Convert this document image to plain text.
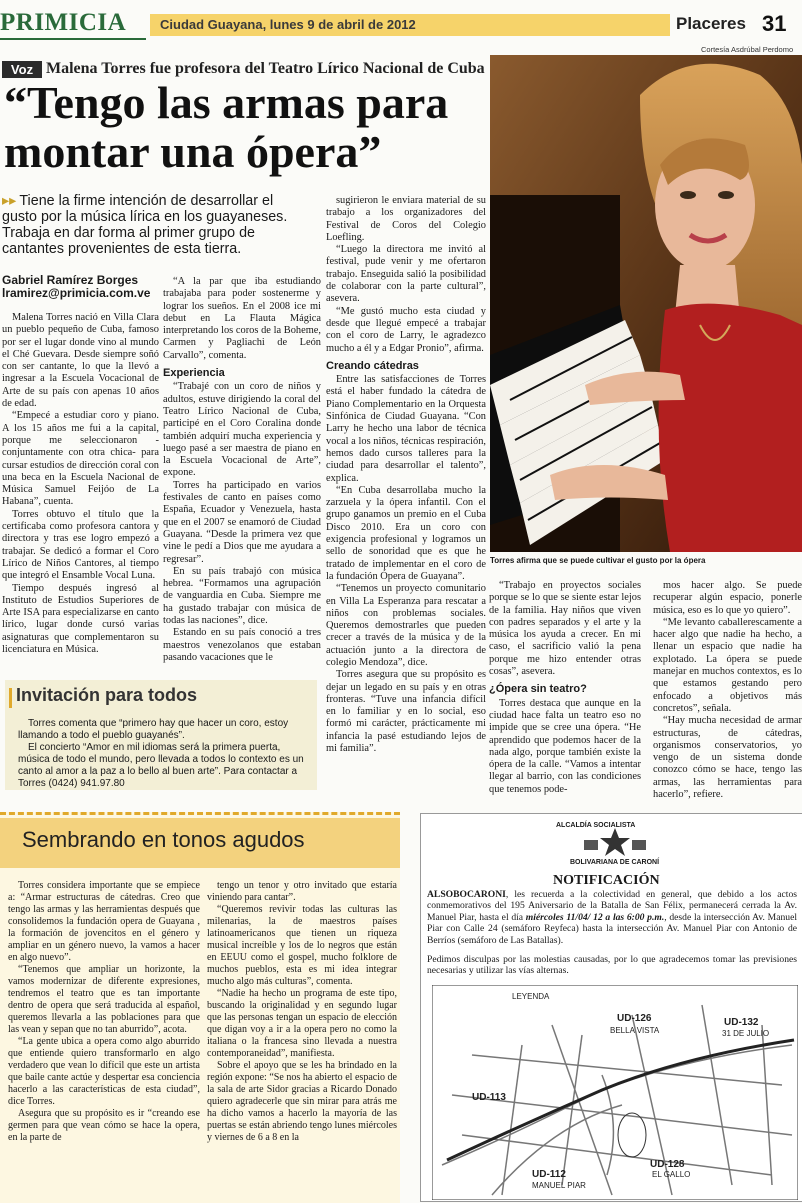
PRIMICIA	Ciudad Guayana, lunes 9 de abril de 2012	Placeres 31
Cortesía Asdrúbal Perdomo
Voz Malena Torres fue profesora del Teatro Lírico Nacional de Cuba
“Tengo las armas para montar una ópera”
▸▸ Tiene la firme intención de desarrollar el gusto por la música lírica en los guayaneses. Trabaja en dar forma al primer grupo de cantantes provenientes de esta tierra.
Gabriel Ramírez Borges
lramirez@primicia.com.ve

Malena Torres nació en Villa Clara un pueblo pequeño de Cuba, famoso por ser el lugar donde vino al mundo el Ché Guevara. Desde siempre soñó con ser cantante, lo que la llevó a ingresar a la Escuela Vocacional de Arte de su país con apenas 10 años de edad.

“Empecé a estudiar coro y piano. A los 15 años me fui a la capital, porque me seleccionaron -conjuntamente con otra chica- para cursar estudios de dirección coral con una beca en la Escuela Nacional de Música Samuel Feijóo de La Habana”, cuenta.

Torres obtuvo el título que la certificaba como profesora cantora y directora y tras ese logro empezó a trabajar. Se dedicó a formar el Coro Lírico de Niños Cantores, al tiempo que integró el Ensamble Vocal Luna.

Tiempo después ingresó al Instituto de Estudios Superiores de Arte ISA para especializarse en canto lírico, lugar donde cursó varias asignaturas que complementaron su licenciatura en Música.

“A la par que iba estudiando trabajaba para poder sostenerme y lograr los sueños. En el 2008 ice mi debut en La Flauta Mágica interpretando los coros de la Boheme, Carmen y Pagliachi de León Carvallo”, comenta.

Experiencia

“Trabajé con un coro de niños y adultos, estuve dirigiendo la coral del Teatro Lírico Nacional de Cuba, participé en el Coro Coralina donde también adquirí mucha experiencia y luego pasé a ser maestra de piano en la Escuela Vocacional de Arte”, expone.

Torres ha participado en varios festivales de canto en países como España, Ecuador y Venezuela, hasta que en el 2007 se enamoró de Ciudad Guayana. “Desde la primera vez que vine le pedí a Dios que me ayudara a regresar”.

En su país trabajó con música hebrea. “Formamos una agrupación de vanguardia en Cuba. Siempre me ha gustado trabajar con música de todas las naciones”, dice.

Estando en su país conoció a tres maestros venezolanos que estaban pasando vacaciones que le

sugirieron le enviara material de su trabajo a los organizadores del Festival de Coros del Colegio Loefling.

“Luego la directora me invitó al festival, pude venir y me ofertaron trabajo. Enseguida salió la posibilidad de colaborar con la parte cultural”, asevera.

“Me gustó mucho esta ciudad y desde que llegué empecé a trabajar con el coro de Larry, le agradezco mucho a él y a Edgar Pronio”, afirma.

Creando cátedras

Entre las satisfacciones de Torres está el haber fundado la cátedra de Piano Complementario en la Orquesta Sinfónica de Ciudad Guayana. “Con Larry he hecho una labor de técnica vocal a los niños, técnicas respiración, hemos dado cursos talleres para la ciudad para desarrollar el talento”, explica.

“En Cuba desarrollaba mucho la zarzuela y la ópera infantil. Con el grupo ganamos un premio en el Cuba Disco 2010. Era un coro con exigencia profesional y logramos un sello de sonoridad que es que he tratado de implementar en el coro de la fundación Ópera de Guayana”.

“Tenemos un proyecto comunitario en Villa La Esperanza para rescatar a niños con problemas sociales. Queremos demostrarles que pueden crecer a través de la música y de la actuación junto a la directora de colegio Mendoza”, dice.

Torres asegura que su propósito es dejar un legado en su país y en otras fronteras. “Tuve una infancia difícil en lo familiar y en lo social, eso formó mi carácter, prácticamente mi infancia la pasé estudiando lejos de mi familia”.

“Trabajo en proyectos sociales porque se lo que se siente estar lejos de la familia. Hay niños que viven con padres separados y el arte y la música los ayuda a crecer. En mi caso, el sacrificio valió la pena porque me hizo entender otras cosas”, asevera.

¿Ópera sin teatro?

Torres destaca que aunque en la ciudad hace falta un teatro eso no impide que se cree una ópera. “He aprendido que podemos hacer de la nada algo, porque también existe la ópera de la calle. “Vamos a intentar llegar al barrio, con las condiciones que tenemos pode-

mos hacer algo. Se puede recuperar algún espacio, ponerle música, eso es lo que yo quiero”.

“Me levanto caballerescamente a hacer algo que nadie ha hecho, a llenar un espacio que nadie ha explotado. La ópera se puede manejar en muchos contextos, es lo que estamos gestando pero enfocado a objetivos más concretos”, señala.

“Hay mucha necesidad de armar estructuras, de cátedras, organismos conservatorios, yo vengo de un sistema donde conozco cómo se hace, tengo las armas, las herramientas para hacerlo”, refiere.

Torres afirma que se puede cultivar el gusto por la ópera
Invitación para todos

Torres comenta que “primero hay que hacer un coro, estoy llamando a todo el pueblo guayanés”.

El concierto “Amor en mil idiomas será la primera puerta, música de todo el mundo, pero llevada a todos lo contexto es un canto al amor a la paz a lo bello al buen arte”. Para contactar a Torres (0424) 941.97.80

Sembrando en tonos agudos

Torres considera importante que se empiece a: “Armar estructuras de cátedras. Creo que tengo las armas y las herramientas después que consolidemos la fundación opera de Guayana , la formación de jovencitos en el género y ampliar en un género nuevo, la vamos a hacer en algo nuevo”.

“Tenemos que ampliar un horizonte, la vamos modernizar de diferente expresiones, tendremos el teatro que es tan importante dentro de opera que será traducida al español, queremos llevarla a las poblaciones para que las vean y sepan que no tan aburrido”, acota.

“La gente ubica a opera como algo aburrido que entiende quiero transformarlo en algo verdadero que vean lo difícil que este un artista que baile cante actúe y despertar esa conciencia hacerlo a las características de esta ciudad”, dice Torres.

Asegura que su propósito es ir “creando ese germen para que vean cómo se hace la opera, en la parte de

tengo un tenor y otro invitado que estaría viniendo para cantar”.

“Queremos revivir todas las culturas las milenarias, la de maestros países latinoamericanos que tienen un riqueza musical increíble y los de lo negros que están en EEUU como el gospel, mucho folklore de muchos pueblos, esta es mi idea integrar mucho algo más culturas”, comenta.

“Nadie ha hecho un programa de este tipo, buscando la originalidad y en segundo lugar que las personas tengan un espacio de elección que digan voy a ir a la opera pero no como la italiana o la francesa sino llevada a nuestra contemporaneidad”, manifiesta.

Sobre el apoyo que se les ha brindado en la región expone: “Se nos ha abierto el espacio de la sala de arte Sidor gracias a Ricardo Donado quiero agradecerle que sin mirar para atrás me ha dicho vamos a hacerlo la mayoría de las puertas se están abriendo tengo lunes miércoles y viernes de 6 a 8 en la

ALCALDÍA SOCIALISTA
BOLIVARIANA DE CARONÍ
NOTIFICACIÓN

ALSOBOCARONI, les recuerda a la colectividad en general, que debido a los actos conmemorativos del 195 Aniversario de la Batalla de San Félix, permanecerá cerrada la Av. Manuel Piar, hasta el día miércoles 11/04/ 12 a las 6:00 p.m., desde la intersección Av. Manuel Piar con Calle 24 (semáforo Reyfeca) hasta la intersección Av. Manuel Piar con Antonio de Berríos (semáforo de Las Batallas).

Pedimos disculpas por las molestias causadas, por lo que agradecemos tomar las previsiones necesarias y utilizar las vías alternas.

LEYENDA
UD-126
BELLA VISTA
UD-132
31 DE JULIO
UD-113
UD-112
MANUEL PIAR
UD-128
EL GALLO
